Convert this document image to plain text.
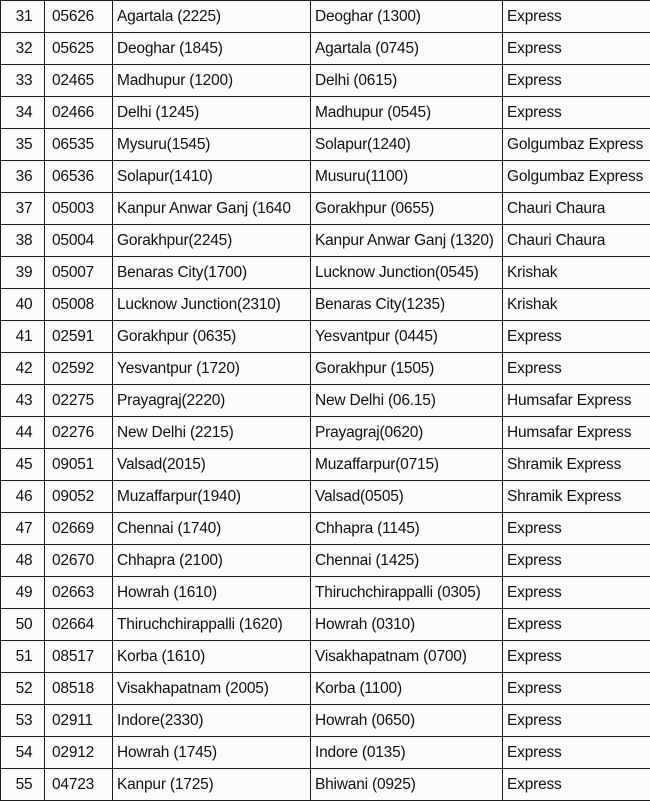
31	05626	Agartala (2225)	Deoghar (1300)	Express
32	05625	Deoghar (1845)	Agartala (0745)	Express
33	02465	Madhupur (1200)	Delhi (0615)	Express
34	02466	Delhi (1245)	Madhupur (0545)	Express
35	06535	Mysuru(1545)	Solapur(1240)	Golgumbaz Express
36	06536	Solapur(1410)	Musuru(1100)	Golgumbaz Express
37	05003	Kanpur Anwar Ganj (1640	Gorakhpur (0655)	Chauri Chaura
38	05004	Gorakhpur(2245)	Kanpur Anwar Ganj (1320)	Chauri Chaura
39	05007	Benaras City(1700)	Lucknow Junction(0545)	Krishak
40	05008	Lucknow Junction(2310)	Benaras City(1235)	Krishak
41	02591	Gorakhpur (0635)	Yesvantpur (0445)	Express
42	02592	Yesvantpur (1720)	Gorakhpur (1505)	Express
43	02275	Prayagraj(2220)	New Delhi (06.15)	Humsafar Express
44	02276	New Delhi (2215)	Prayagraj(0620)	Humsafar Express
45	09051	Valsad(2015)	Muzaffarpur(0715)	Shramik Express
46	09052	Muzaffarpur(1940)	Valsad(0505)	Shramik Express
47	02669	Chennai (1740)	Chhapra (1145)	Express
48	02670	Chhapra (2100)	Chennai (1425)	Express
49	02663	Howrah (1610)	Thiruchchirappalli (0305)	Express
50	02664	Thiruchchirappalli (1620)	Howrah (0310)	Express
51	08517	Korba (1610)	Visakhapatnam (0700)	Express
52	08518	Visakhapatnam (2005)	Korba (1100)	Express
53	02911	Indore(2330)	Howrah (0650)	Express
54	02912	Howrah (1745)	Indore (0135)	Express
55	04723	Kanpur (1725)	Bhiwani (0925)	Express
